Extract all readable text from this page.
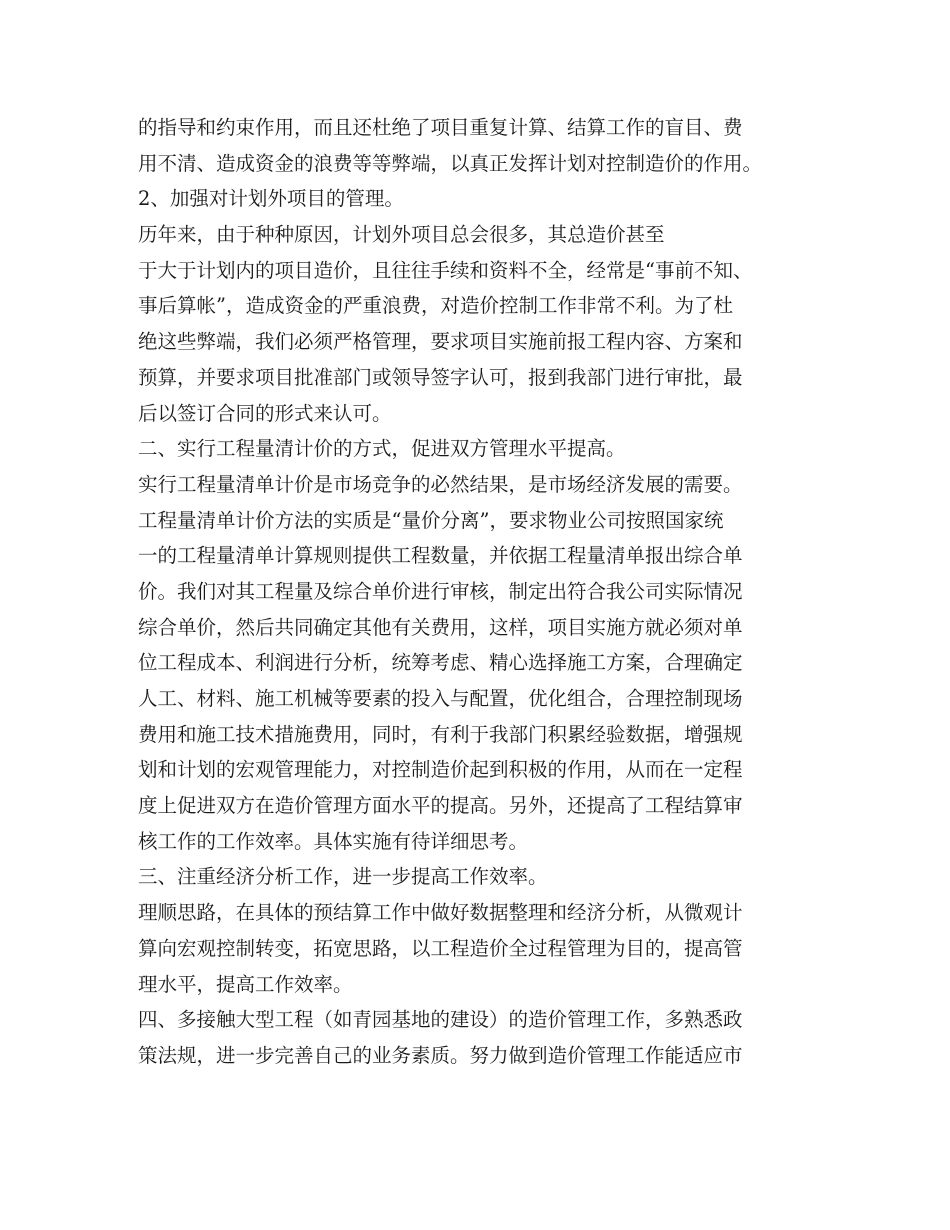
的指导和约束作用，而且还杜绝了项目重复计算、结算工作的盲目、费
用不清、造成资金的浪费等等弊端，以真正发挥计划对控制造价的作用。
2、加强对计划外项目的管理。
历年来，由于种种原因，计划外项目总会很多，其总造价甚至
于大于计划内的项目造价，且往往手续和资料不全，经常是“事前不知、
事后算帐”，造成资金的严重浪费，对造价控制工作非常不利。为了杜
绝这些弊端，我们必须严格管理，要求项目实施前报工程内容、方案和
预算，并要求项目批准部门或领导签字认可，报到我部门进行审批，最
后以签订合同的形式来认可。
二、实行工程量清计价的方式，促进双方管理水平提高。
实行工程量清单计价是市场竞争的必然结果，是市场经济发展的需要。
工程量清单计价方法的实质是“量价分离”，要求物业公司按照国家统
一的工程量清单计算规则提供工程数量，并依据工程量清单报出综合单
价。我们对其工程量及综合单价进行审核，制定出符合我公司实际情况
综合单价，然后共同确定其他有关费用，这样，项目实施方就必须对单
位工程成本、利润进行分析，统筹考虑、精心选择施工方案，合理确定
人工、材料、施工机械等要素的投入与配置，优化组合，合理控制现场
费用和施工技术措施费用，同时，有利于我部门积累经验数据，增强规
划和计划的宏观管理能力，对控制造价起到积极的作用，从而在一定程
度上促进双方在造价管理方面水平的提高。另外，还提高了工程结算审
核工作的工作效率。具体实施有待详细思考。
三、注重经济分析工作，进一步提高工作效率。
理顺思路，在具体的预结算工作中做好数据整理和经济分析，从微观计
算向宏观控制转变，拓宽思路，以工程造价全过程管理为目的，提高管
理水平，提高工作效率。
四、多接触大型工程（如青园基地的建设）的造价管理工作，多熟悉政
策法规，进一步完善自己的业务素质。努力做到造价管理工作能适应市
